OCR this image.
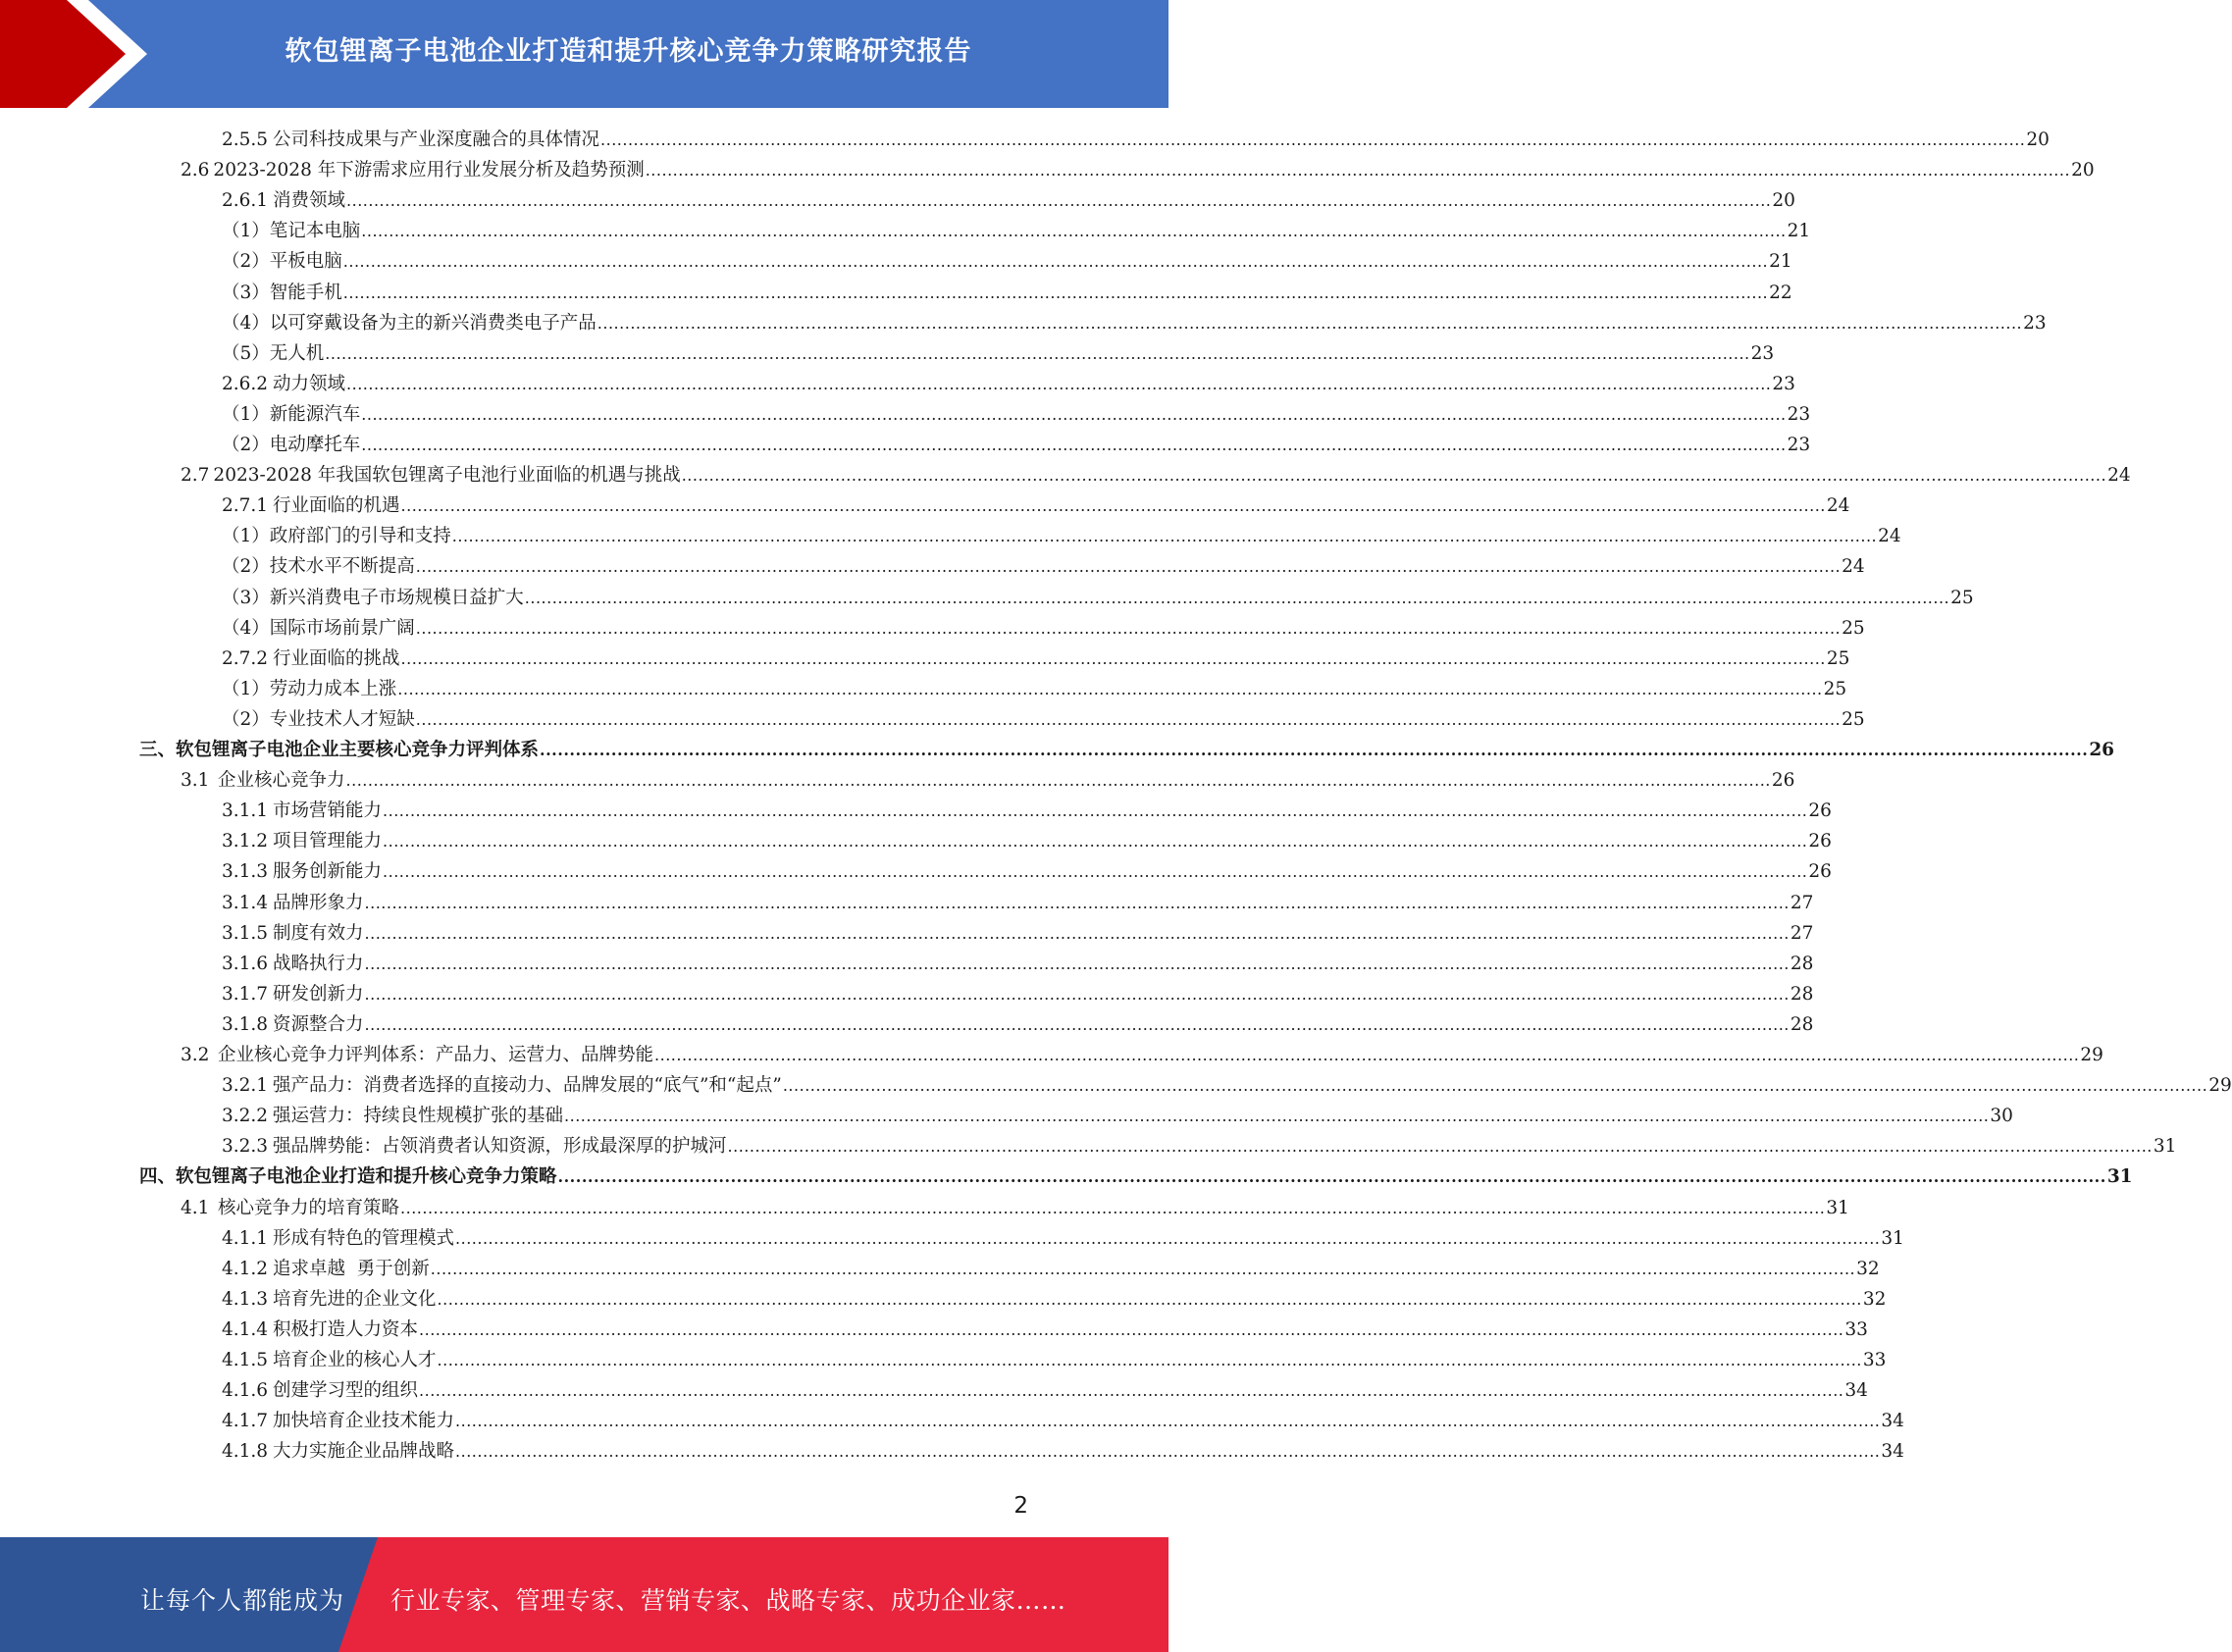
软包锂离子电池企业打造和提升核心竞争力策略研究报告
2.5.5 公司科技成果与产业深度融合的具体情况 .................................................................................................................................................................................................................................................................... 20
2.6 2023-2028 年下游需求应用行业发展分析及趋势预测 .................................................................................................................................................................................................................................................................... 20
2.6.1 消费领域 .................................................................................................................................................................................................................................................................... 20
（1）笔记本电脑 .................................................................................................................................................................................................................................................................... 21
（2）平板电脑 .................................................................................................................................................................................................................................................................... 21
（3）智能手机 .................................................................................................................................................................................................................................................................... 22
（4）以可穿戴设备为主的新兴消费类电子产品 .................................................................................................................................................................................................................................................................... 23
（5）无人机 .................................................................................................................................................................................................................................................................... 23
2.6.2 动力领域 .................................................................................................................................................................................................................................................................... 23
（1）新能源汽车 .................................................................................................................................................................................................................................................................... 23
（2）电动摩托车 .................................................................................................................................................................................................................................................................... 23
2.7 2023-2028 年我国软包锂离子电池行业面临的机遇与挑战 .................................................................................................................................................................................................................................................................... 24
2.7.1 行业面临的机遇 .................................................................................................................................................................................................................................................................... 24
（1）政府部门的引导和支持 .................................................................................................................................................................................................................................................................... 24
（2）技术水平不断提高 .................................................................................................................................................................................................................................................................... 24
（3）新兴消费电子市场规模日益扩大 .................................................................................................................................................................................................................................................................... 25
（4）国际市场前景广阔 .................................................................................................................................................................................................................................................................... 25
2.7.2 行业面临的挑战 .................................................................................................................................................................................................................................................................... 25
（1）劳动力成本上涨 .................................................................................................................................................................................................................................................................... 25
（2）专业技术人才短缺 .................................................................................................................................................................................................................................................................... 25
三、软包锂离子电池企业主要核心竞争力评判体系 .................................................................................................................................................................................................................................................................... 26
3.1 企业核心竞争力 .................................................................................................................................................................................................................................................................... 26
3.1.1 市场营销能力 .................................................................................................................................................................................................................................................................... 26
3.1.2 项目管理能力 .................................................................................................................................................................................................................................................................... 26
3.1.3 服务创新能力 .................................................................................................................................................................................................................................................................... 26
3.1.4 品牌形象力 .................................................................................................................................................................................................................................................................... 27
3.1.5 制度有效力 .................................................................................................................................................................................................................................................................... 27
3.1.6 战略执行力 .................................................................................................................................................................................................................................................................... 28
3.1.7 研发创新力 .................................................................................................................................................................................................................................................................... 28
3.1.8 资源整合力 .................................................................................................................................................................................................................................................................... 28
3.2 企业核心竞争力评判体系：产品力、运营力、品牌势能 .................................................................................................................................................................................................................................................................... 29
3.2.1 强产品力：消费者选择的直接动力、品牌发展的“底气”和“起点” .................................................................................................................................................................................................................................................................... 29
3.2.2 强运营力：持续良性规模扩张的基础 .................................................................................................................................................................................................................................................................... 30
3.2.3 强品牌势能：占领消费者认知资源，形成最深厚的护城河 .................................................................................................................................................................................................................................................................... 31
四、软包锂离子电池企业打造和提升核心竞争力策略 .................................................................................................................................................................................................................................................................... 31
4.1 核心竞争力的培育策略 .................................................................................................................................................................................................................................................................... 31
4.1.1 形成有特色的管理模式 .................................................................................................................................................................................................................................................................... 31
4.1.2 追求卓越  勇于创新 .................................................................................................................................................................................................................................................................... 32
4.1.3 培育先进的企业文化 .................................................................................................................................................................................................................................................................... 32
4.1.4 积极打造人力资本 .................................................................................................................................................................................................................................................................... 33
4.1.5 培育企业的核心人才 .................................................................................................................................................................................................................................................................... 33
4.1.6 创建学习型的组织 .................................................................................................................................................................................................................................................................... 34
4.1.7 加快培育企业技术能力 .................................................................................................................................................................................................................................................................... 34
4.1.8 大力实施企业品牌战略 .................................................................................................................................................................................................................................................................... 34
2
让每个人都能成为 行业专家、管理专家、营销专家、战略专家、成功企业家……
